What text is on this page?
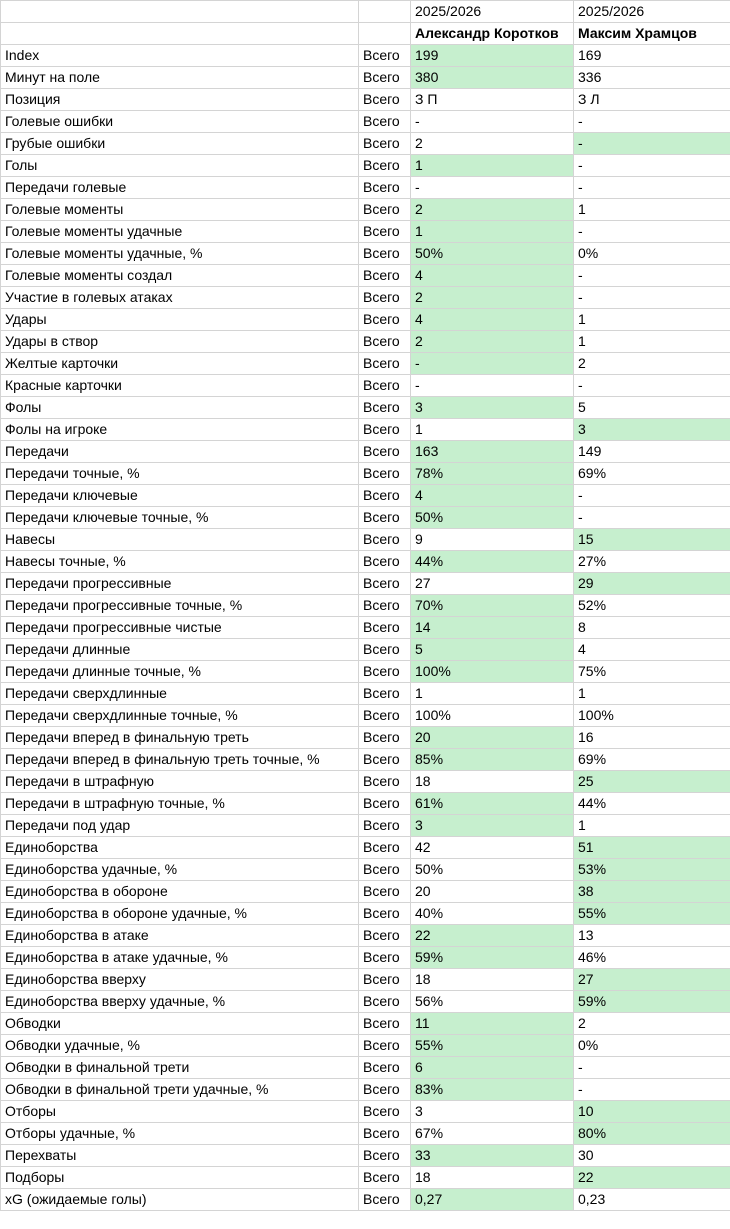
		2025/2026	2025/2026
		Александр Коротков	Максим Храмцов
Index	Всего	199	169
Минут на поле	Всего	380	336
Позиция	Всего	З П	З Л
Голевые ошибки	Всего	-	-
Грубые ошибки	Всего	2	-
Голы	Всего	1	-
Передачи голевые	Всего	-	-
Голевые моменты	Всего	2	1
Голевые моменты удачные	Всего	1	-
Голевые моменты удачные, %	Всего	50%	0%
Голевые моменты создал	Всего	4	-
Участие в голевых атаках	Всего	2	-
Удары	Всего	4	1
Удары в створ	Всего	2	1
Желтые карточки	Всего	-	2
Красные карточки	Всего	-	-
Фолы	Всего	3	5
Фолы на игроке	Всего	1	3
Передачи	Всего	163	149
Передачи точные, %	Всего	78%	69%
Передачи ключевые	Всего	4	-
Передачи ключевые точные, %	Всего	50%	-
Навесы	Всего	9	15
Навесы точные, %	Всего	44%	27%
Передачи прогрессивные	Всего	27	29
Передачи прогрессивные точные, %	Всего	70%	52%
Передачи прогрессивные чистые	Всего	14	8
Передачи длинные	Всего	5	4
Передачи длинные точные, %	Всего	100%	75%
Передачи сверхдлинные	Всего	1	1
Передачи сверхдлинные точные, %	Всего	100%	100%
Передачи вперед в финальную треть	Всего	20	16
Передачи вперед в финальную треть точные, %	Всего	85%	69%
Передачи в штрафную	Всего	18	25
Передачи в штрафную точные, %	Всего	61%	44%
Передачи под удар	Всего	3	1
Единоборства	Всего	42	51
Единоборства удачные, %	Всего	50%	53%
Единоборства в обороне	Всего	20	38
Единоборства в обороне удачные, %	Всего	40%	55%
Единоборства в атаке	Всего	22	13
Единоборства в атаке удачные, %	Всего	59%	46%
Единоборства вверху	Всего	18	27
Единоборства вверху удачные, %	Всего	56%	59%
Обводки	Всего	11	2
Обводки удачные, %	Всего	55%	0%
Обводки в финальной трети	Всего	6	-
Обводки в финальной трети удачные, %	Всего	83%	-
Отборы	Всего	3	10
Отборы удачные, %	Всего	67%	80%
Перехваты	Всего	33	30
Подборы	Всего	18	22
xG (ожидаемые голы)	Всего	0,27	0,23
